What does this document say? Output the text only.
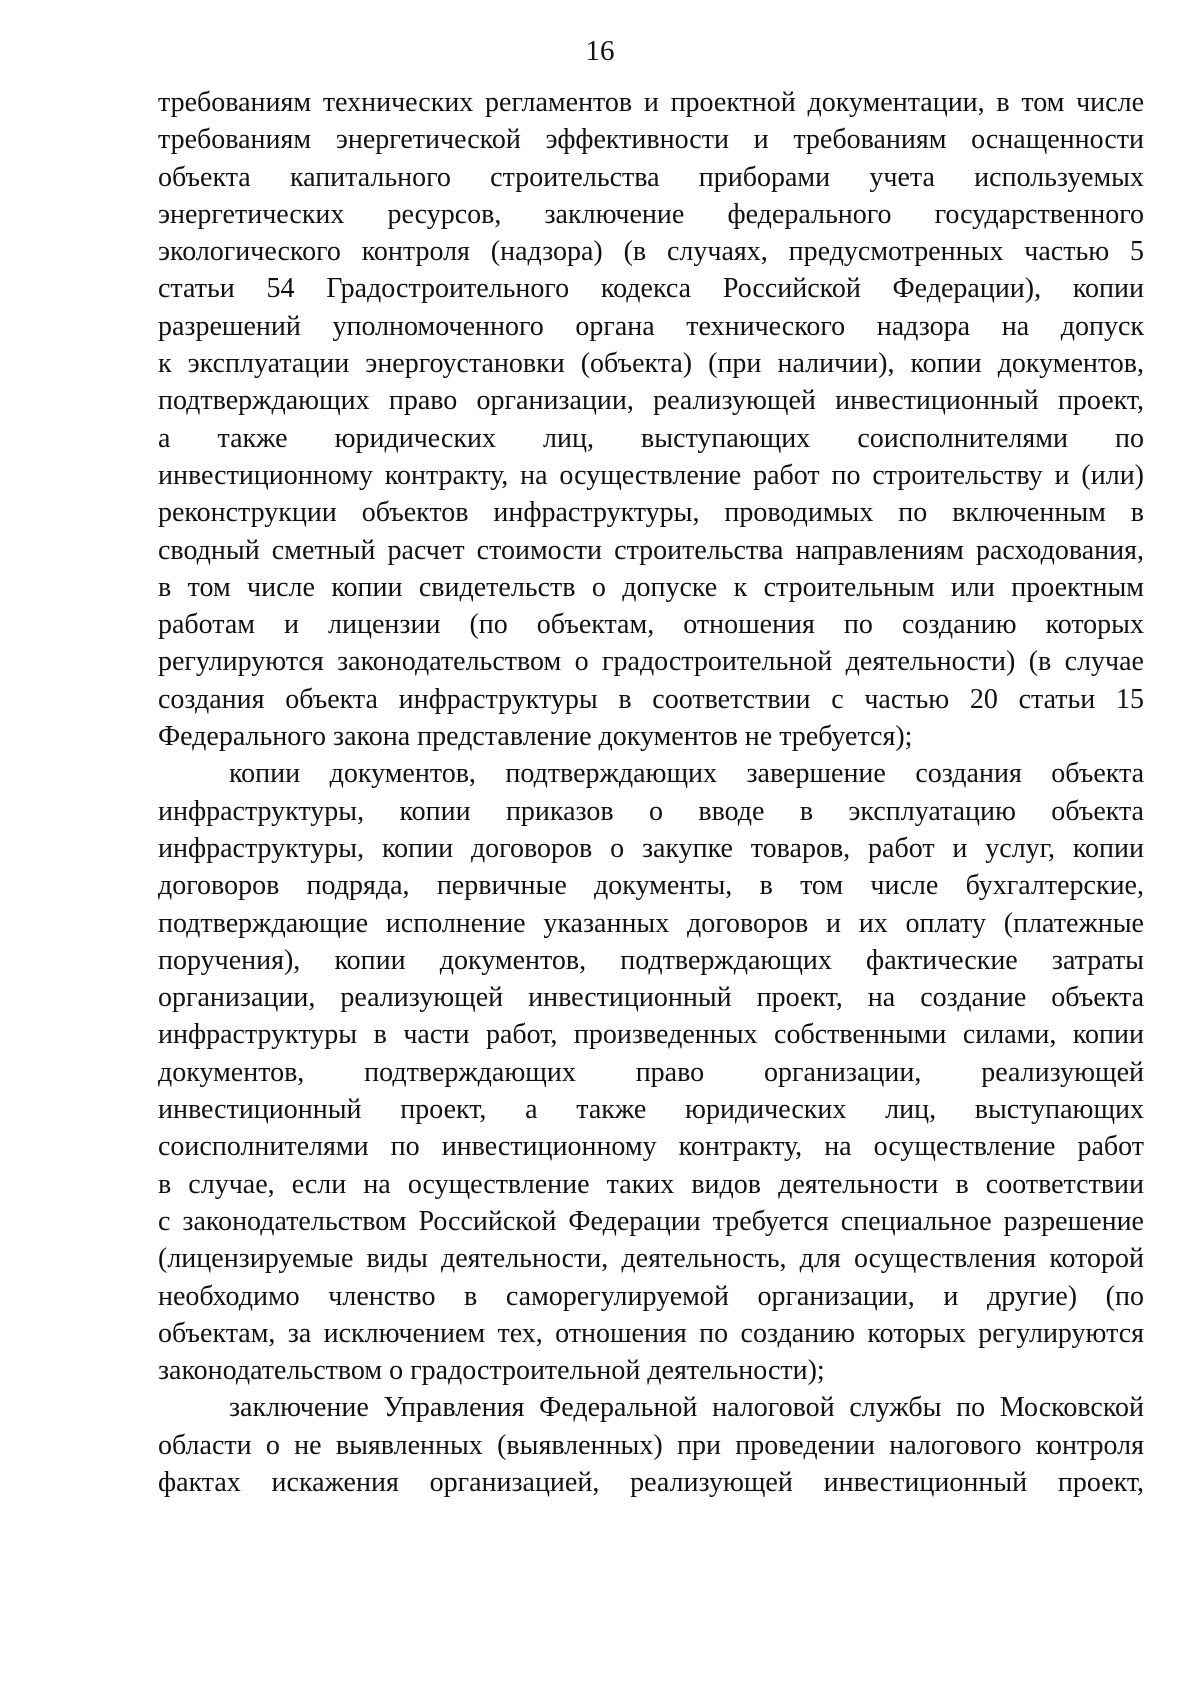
16
требованиям технических регламентов и проектной документации, в том числе
требованиям энергетической эффективности и требованиям оснащенности
объекта капитального строительства приборами учета используемых
энергетических ресурсов, заключение федерального государственного
экологического контроля (надзора) (в случаях, предусмотренных частью 5
статьи 54 Градостроительного кодекса Российской Федерации), копии
разрешений уполномоченного органа технического надзора на допуск
к эксплуатации энергоустановки (объекта) (при наличии), копии документов,
подтверждающих право организации, реализующей инвестиционный проект,
а также юридических лиц, выступающих соисполнителями по
инвестиционному контракту, на осуществление работ по строительству и (или)
реконструкции объектов инфраструктуры, проводимых по включенным в
сводный сметный расчет стоимости строительства направлениям расходования,
в том числе копии свидетельств о допуске к строительным или проектным
работам и лицензии (по объектам, отношения по созданию которых
регулируются законодательством о градостроительной деятельности) (в случае
создания объекта инфраструктуры в соответствии с частью 20 статьи 15
Федерального закона представление документов не требуется);
копии документов, подтверждающих завершение создания объекта
инфраструктуры, копии приказов о вводе в эксплуатацию объекта
инфраструктуры, копии договоров о закупке товаров, работ и услуг, копии
договоров подряда, первичные документы, в том числе бухгалтерские,
подтверждающие исполнение указанных договоров и их оплату (платежные
поручения), копии документов, подтверждающих фактические затраты
организации, реализующей инвестиционный проект, на создание объекта
инфраструктуры в части работ, произведенных собственными силами, копии
документов, подтверждающих право организации, реализующей
инвестиционный проект, а также юридических лиц, выступающих
соисполнителями по инвестиционному контракту, на осуществление работ
в случае, если на осуществление таких видов деятельности в соответствии
с законодательством Российской Федерации требуется специальное разрешение
(лицензируемые виды деятельности, деятельность, для осуществления которой
необходимо членство в саморегулируемой организации, и другие) (по
объектам, за исключением тех, отношения по созданию которых регулируются
законодательством о градостроительной деятельности);
заключение Управления Федеральной налоговой службы по Московской
области о не выявленных (выявленных) при проведении налогового контроля
фактах искажения организацией, реализующей инвестиционный проект,
